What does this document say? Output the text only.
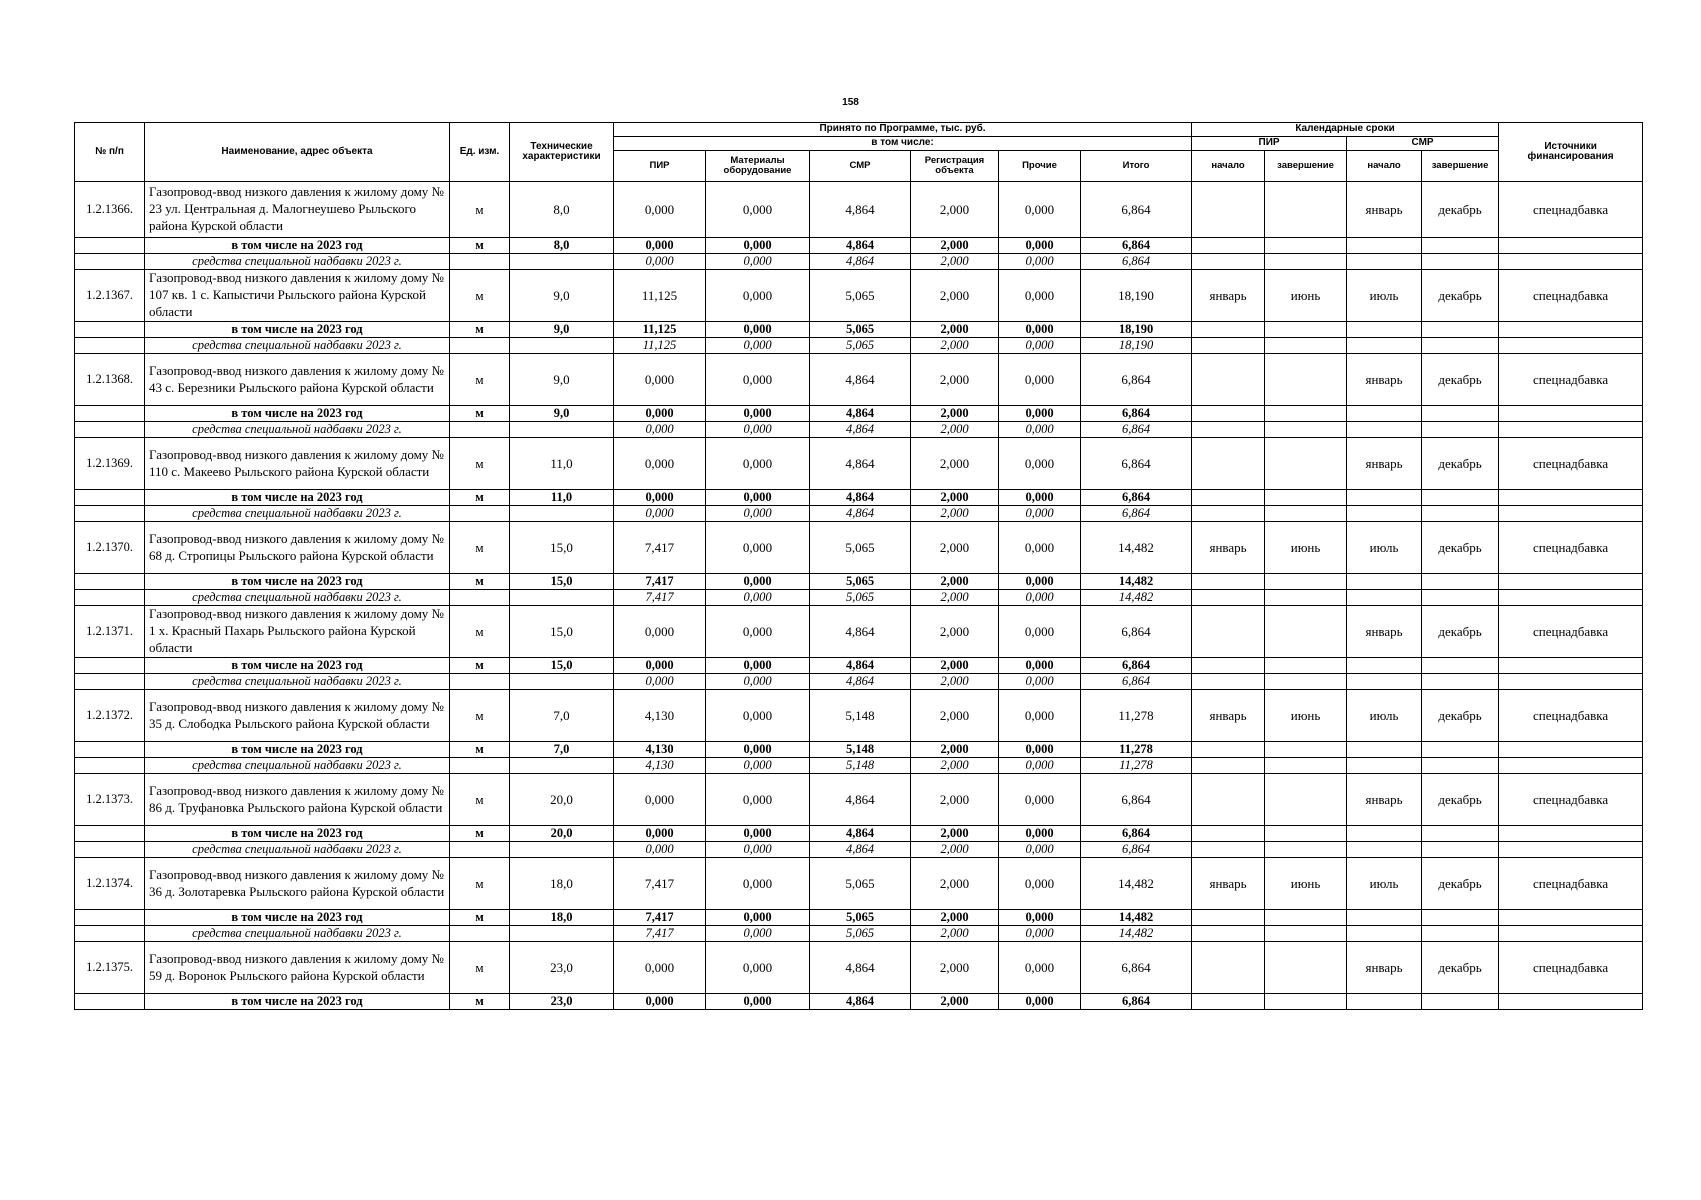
158
№ п/п	Наименование, адрес объекта	Ед. изм.	Технические характеристики	Принято по Программе, тыс. руб.						Календарные сроки				Источники финансирования
				в том числе:						ПИР		СМР		
				ПИР	Материалы оборудование	СМР	Регистрация объекта	Прочие	Итого	начало	завершение	начало	завершение	
1.2.1366.	Газопровод-ввод низкого давления к жилому дому № 23 ул. Центральная д. Малогнеушево Рыльского района Курской области	м	8,0	0,000	0,000	4,864	2,000	0,000	6,864			январь	декабрь	спецнадбавка
	в том числе на 2023 год	м	8,0	0,000	0,000	4,864	2,000	0,000	6,864					
	средства специальной надбавки 2023 г.			0,000	0,000	4,864	2,000	0,000	6,864					
1.2.1367.	Газопровод-ввод низкого давления к жилому дому № 107 кв. 1 с. Капыстичи Рыльского района Курской области	м	9,0	11,125	0,000	5,065	2,000	0,000	18,190	январь	июнь	июль	декабрь	спецнадбавка
	в том числе на 2023 год	м	9,0	11,125	0,000	5,065	2,000	0,000	18,190					
	средства специальной надбавки 2023 г.			11,125	0,000	5,065	2,000	0,000	18,190					
1.2.1368.	Газопровод-ввод низкого давления к жилому дому № 43 с. Березники Рыльского района Курской области	м	9,0	0,000	0,000	4,864	2,000	0,000	6,864			январь	декабрь	спецнадбавка
	в том числе на 2023 год	м	9,0	0,000	0,000	4,864	2,000	0,000	6,864					
	средства специальной надбавки 2023 г.			0,000	0,000	4,864	2,000	0,000	6,864					
1.2.1369.	Газопровод-ввод низкого давления к жилому дому № 110 с. Макеево Рыльского района Курской области	м	11,0	0,000	0,000	4,864	2,000	0,000	6,864			январь	декабрь	спецнадбавка
	в том числе на 2023 год	м	11,0	0,000	0,000	4,864	2,000	0,000	6,864					
	средства специальной надбавки 2023 г.			0,000	0,000	4,864	2,000	0,000	6,864					
1.2.1370.	Газопровод-ввод низкого давления к жилому дому № 68 д. Стропицы Рыльского района Курской области	м	15,0	7,417	0,000	5,065	2,000	0,000	14,482	январь	июнь	июль	декабрь	спецнадбавка
	в том числе на 2023 год	м	15,0	7,417	0,000	5,065	2,000	0,000	14,482					
	средства специальной надбавки 2023 г.			7,417	0,000	5,065	2,000	0,000	14,482					
1.2.1371.	Газопровод-ввод низкого давления к жилому дому № 1 х. Красный Пахарь Рыльского района Курской области	м	15,0	0,000	0,000	4,864	2,000	0,000	6,864			январь	декабрь	спецнадбавка
	в том числе на 2023 год	м	15,0	0,000	0,000	4,864	2,000	0,000	6,864					
	средства специальной надбавки 2023 г.			0,000	0,000	4,864	2,000	0,000	6,864					
1.2.1372.	Газопровод-ввод низкого давления к жилому дому № 35 д. Слободка Рыльского района Курской области	м	7,0	4,130	0,000	5,148	2,000	0,000	11,278	январь	июнь	июль	декабрь	спецнадбавка
	в том числе на 2023 год	м	7,0	4,130	0,000	5,148	2,000	0,000	11,278					
	средства специальной надбавки 2023 г.			4,130	0,000	5,148	2,000	0,000	11,278					
1.2.1373.	Газопровод-ввод низкого давления к жилому дому № 86 д. Труфановка Рыльского района Курской области	м	20,0	0,000	0,000	4,864	2,000	0,000	6,864			январь	декабрь	спецнадбавка
	в том числе на 2023 год	м	20,0	0,000	0,000	4,864	2,000	0,000	6,864					
	средства специальной надбавки 2023 г.			0,000	0,000	4,864	2,000	0,000	6,864					
1.2.1374.	Газопровод-ввод низкого давления к жилому дому № 36 д. Золотаревка Рыльского района Курской области	м	18,0	7,417	0,000	5,065	2,000	0,000	14,482	январь	июнь	июль	декабрь	спецнадбавка
	в том числе на 2023 год	м	18,0	7,417	0,000	5,065	2,000	0,000	14,482					
	средства специальной надбавки 2023 г.			7,417	0,000	5,065	2,000	0,000	14,482					
1.2.1375.	Газопровод-ввод низкого давления к жилому дому № 59 д. Воронок Рыльского района Курской области	м	23,0	0,000	0,000	4,864	2,000	0,000	6,864			январь	декабрь	спецнадбавка
	в том числе на 2023 год	м	23,0	0,000	0,000	4,864	2,000	0,000	6,864					
